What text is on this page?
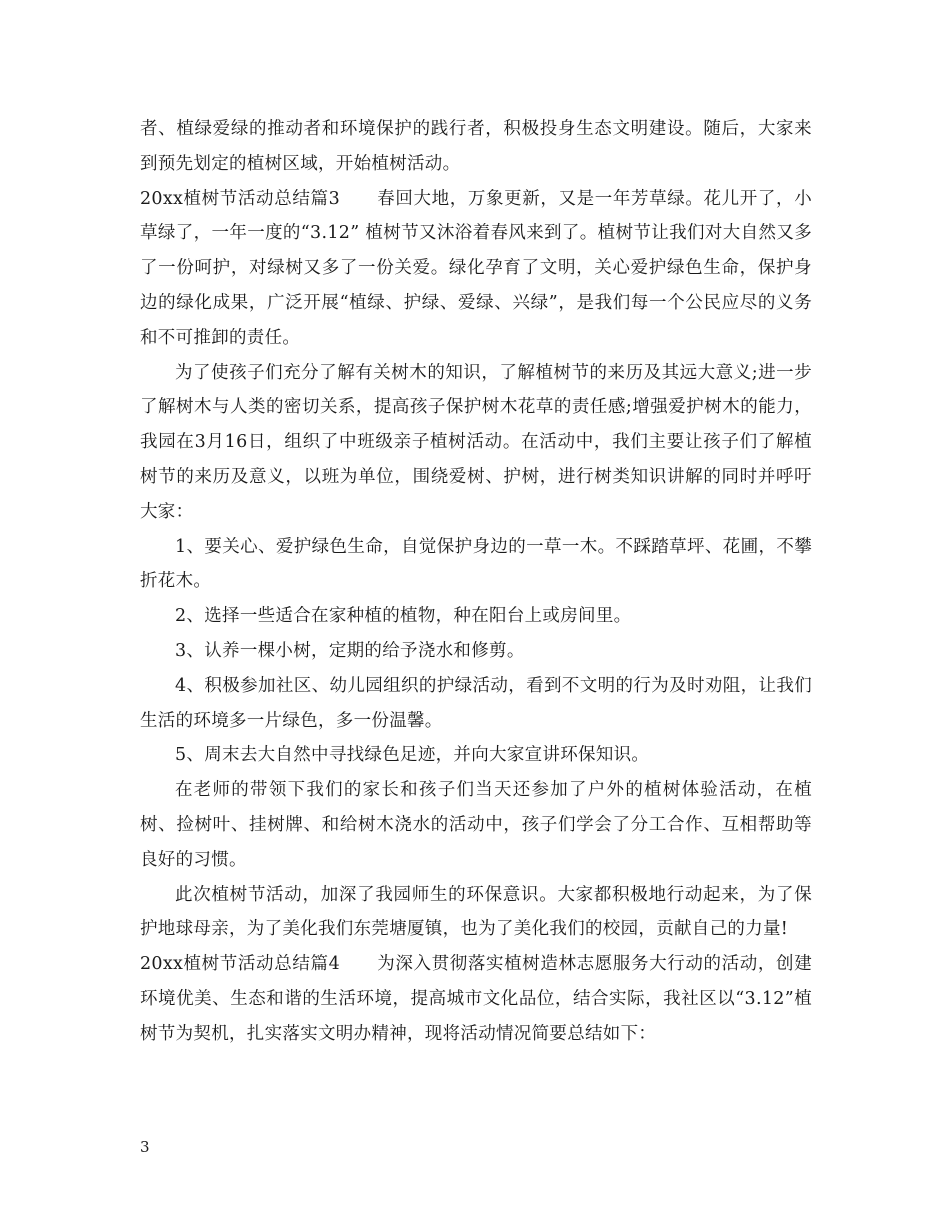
者、植绿爱绿的推动者和环境保护的践行者，积极投身生态文明建设。随后，大家来到预先划定的植树区域，开始植树活动。

20xx植树节活动总结篇3 春回大地，万象更新，又是一年芳草绿。花儿开了，小草绿了，一年一度的“3.12” 植树节又沐浴着春风来到了。植树节让我们对大自然又多了一份呵护，对绿树又多了一份关爱。绿化孕育了文明，关心爱护绿色生命，保护身边的绿化成果，广泛开展“植绿、护绿、爱绿、兴绿”，是我们每一个公民应尽的义务和不可推卸的责任。

为了使孩子们充分了解有关树木的知识，了解植树节的来历及其远大意义;进一步了解树木与人类的密切关系，提高孩子保护树木花草的责任感;增强爱护树木的能力，我园在3月16日，组织了中班级亲子植树活动。在活动中，我们主要让孩子们了解植树节的来历及意义，以班为单位，围绕爱树、护树，进行树类知识讲解的同时并呼吁大家：

1、要关心、爱护绿色生命，自觉保护身边的一草一木。不踩踏草坪、花圃，不攀折花木。

2、选择一些适合在家种植的植物，种在阳台上或房间里。

3、认养一棵小树，定期的给予浇水和修剪。

4、积极参加社区、幼儿园组织的护绿活动，看到不文明的行为及时劝阻，让我们生活的环境多一片绿色，多一份温馨。

5、周末去大自然中寻找绿色足迹，并向大家宣讲环保知识。

在老师的带领下我们的家长和孩子们当天还参加了户外的植树体验活动，在植树、捡树叶、挂树牌、和给树木浇水的活动中，孩子们学会了分工合作、互相帮助等良好的习惯。

此次植树节活动，加深了我园师生的环保意识。大家都积极地行动起来，为了保护地球母亲，为了美化我们东莞塘厦镇，也为了美化我们的校园，贡献自己的力量!

20xx植树节活动总结篇4 为深入贯彻落实植树造林志愿服务大行动的活动，创建环境优美、生态和谐的生活环境，提高城市文化品位，结合实际，我社区以“3.12”植树节为契机，扎实落实文明办精神，现将活动情况简要总结如下：

3
